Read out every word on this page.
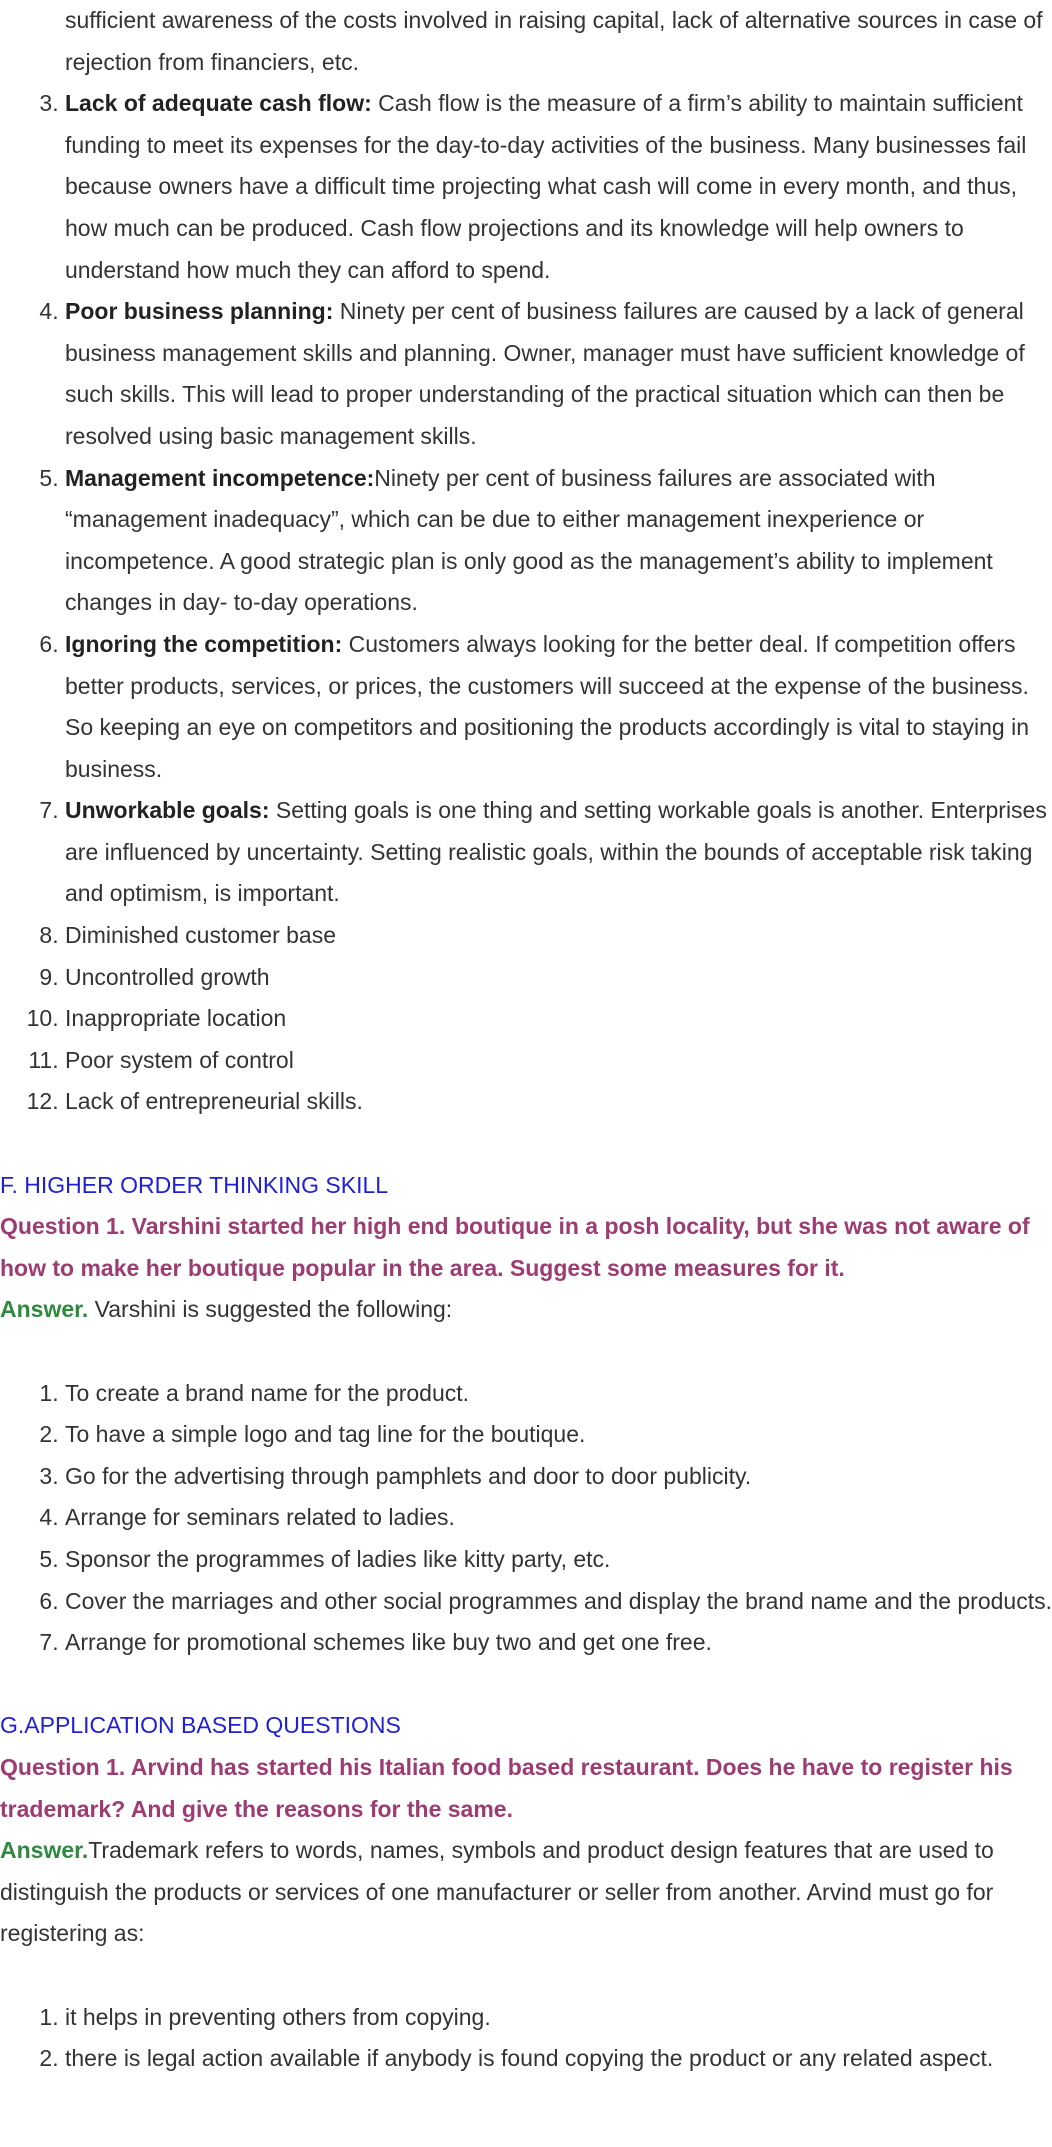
sufficient awareness of the costs involved in raising capital, lack of alternative sources in case of rejection from financiers, etc.

3. Lack of adequate cash flow: Cash flow is the measure of a firm’s ability to maintain sufficient funding to meet its expenses for the day-to-day activities of the business. Many businesses fail because owners have a difficult time projecting what cash will come in every month, and thus, how much can be produced. Cash flow projections and its knowledge will help owners to understand how much they can afford to spend.
4. Poor business planning: Ninety per cent of business failures are caused by a lack of general business management skills and planning. Owner, manager must have sufficient knowledge of such skills. This will lead to proper understanding of the practical situation which can then be resolved using basic management skills.
5. Management incompetence:Ninety per cent of business failures are associated with “management inadequacy”, which can be due to either management inexperience or incompetence. A good strategic plan is only good as the management’s ability to implement changes in day- to-day operations.
6. Ignoring the competition: Customers always looking for the better deal. If competition offers better products, services, or prices, the customers will succeed at the expense of the business. So keeping an eye on competitors and positioning the products accordingly is vital to staying in business.
7. Unworkable goals: Setting goals is one thing and setting workable goals is another. Enterprises are influenced by uncertainty. Setting realistic goals, within the bounds of acceptable risk taking and optimism, is important.
8. Diminished customer base
9. Uncontrolled growth
10. Inappropriate location
11. Poor system of control
12. Lack of entrepreneurial skills.

F. HIGHER ORDER THINKING SKILL

Question 1. Varshini started her high end boutique in a posh locality, but she was not aware of how to make her boutique popular in the area. Suggest some measures for it.

Answer. Varshini is suggested the following:

1. To create a brand name for the product.
2. To have a simple logo and tag line for the boutique.
3. Go for the advertising through pamphlets and door to door publicity.
4. Arrange for seminars related to ladies.
5. Sponsor the programmes of ladies like kitty party, etc.
6. Cover the marriages and other social programmes and display the brand name and the products.
7. Arrange for promotional schemes like buy two and get one free.

G.APPLICATION BASED QUESTIONS

Question 1. Arvind has started his Italian food based restaurant. Does he have to register his trademark? And give the reasons for the same.

Answer.Trademark refers to words, names, symbols and product design features that are used to distinguish the products or services of one manufacturer or seller from another. Arvind must go for registering as:

1. it helps in preventing others from copying.
2. there is legal action available if anybody is found copying the product or any related aspect.
